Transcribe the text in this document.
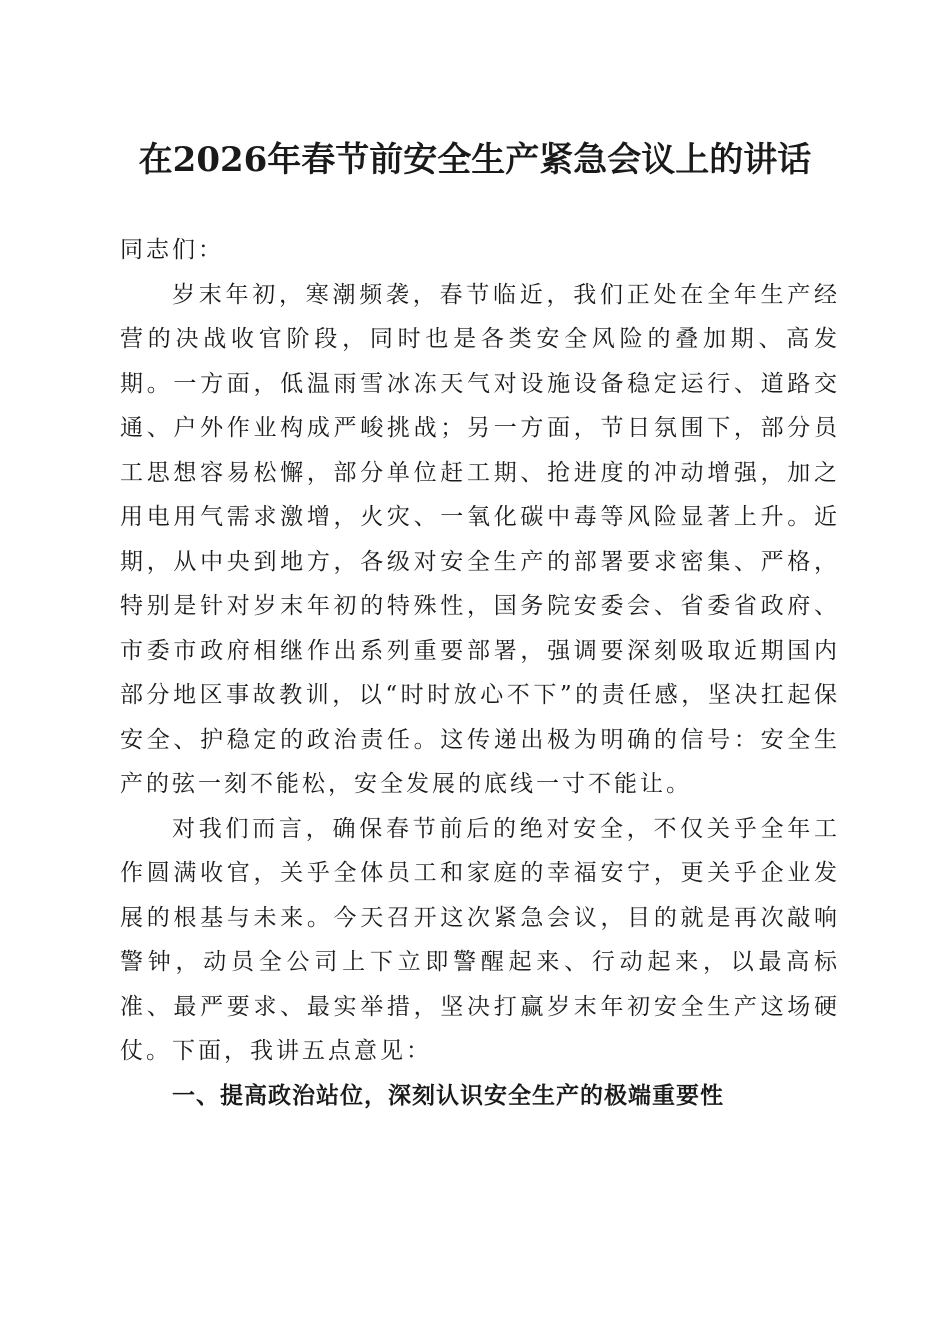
在2026年春节前安全生产紧急会议上的讲话

同志们：

岁末年初，寒潮频袭，春节临近，我们正处在全年生产经营的决战收官阶段，同时也是各类安全风险的叠加期、高发期。一方面，低温雨雪冰冻天气对设施设备稳定运行、道路交通、户外作业构成严峻挑战；另一方面，节日氛围下，部分员工思想容易松懈，部分单位赶工期、抢进度的冲动增强，加之用电用气需求激增，火灾、一氧化碳中毒等风险显著上升。近期，从中央到地方，各级对安全生产的部署要求密集、严格，特别是针对岁末年初的特殊性，国务院安委会、省委省政府、市委市政府相继作出系列重要部署，强调要深刻吸取近期国内部分地区事故教训，以“时时放心不下”的责任感，坚决扛起保安全、护稳定的政治责任。这传递出极为明确的信号：安全生产的弦一刻不能松，安全发展的底线一寸不能让。

对我们而言，确保春节前后的绝对安全，不仅关乎全年工作圆满收官，关乎全体员工和家庭的幸福安宁，更关乎企业发展的根基与未来。今天召开这次紧急会议，目的就是再次敲响警钟，动员全公司上下立即警醒起来、行动起来，以最高标准、最严要求、最实举措，坚决打赢岁末年初安全生产这场硬仗。下面，我讲五点意见：

一、提高政治站位，深刻认识安全生产的极端重要性
